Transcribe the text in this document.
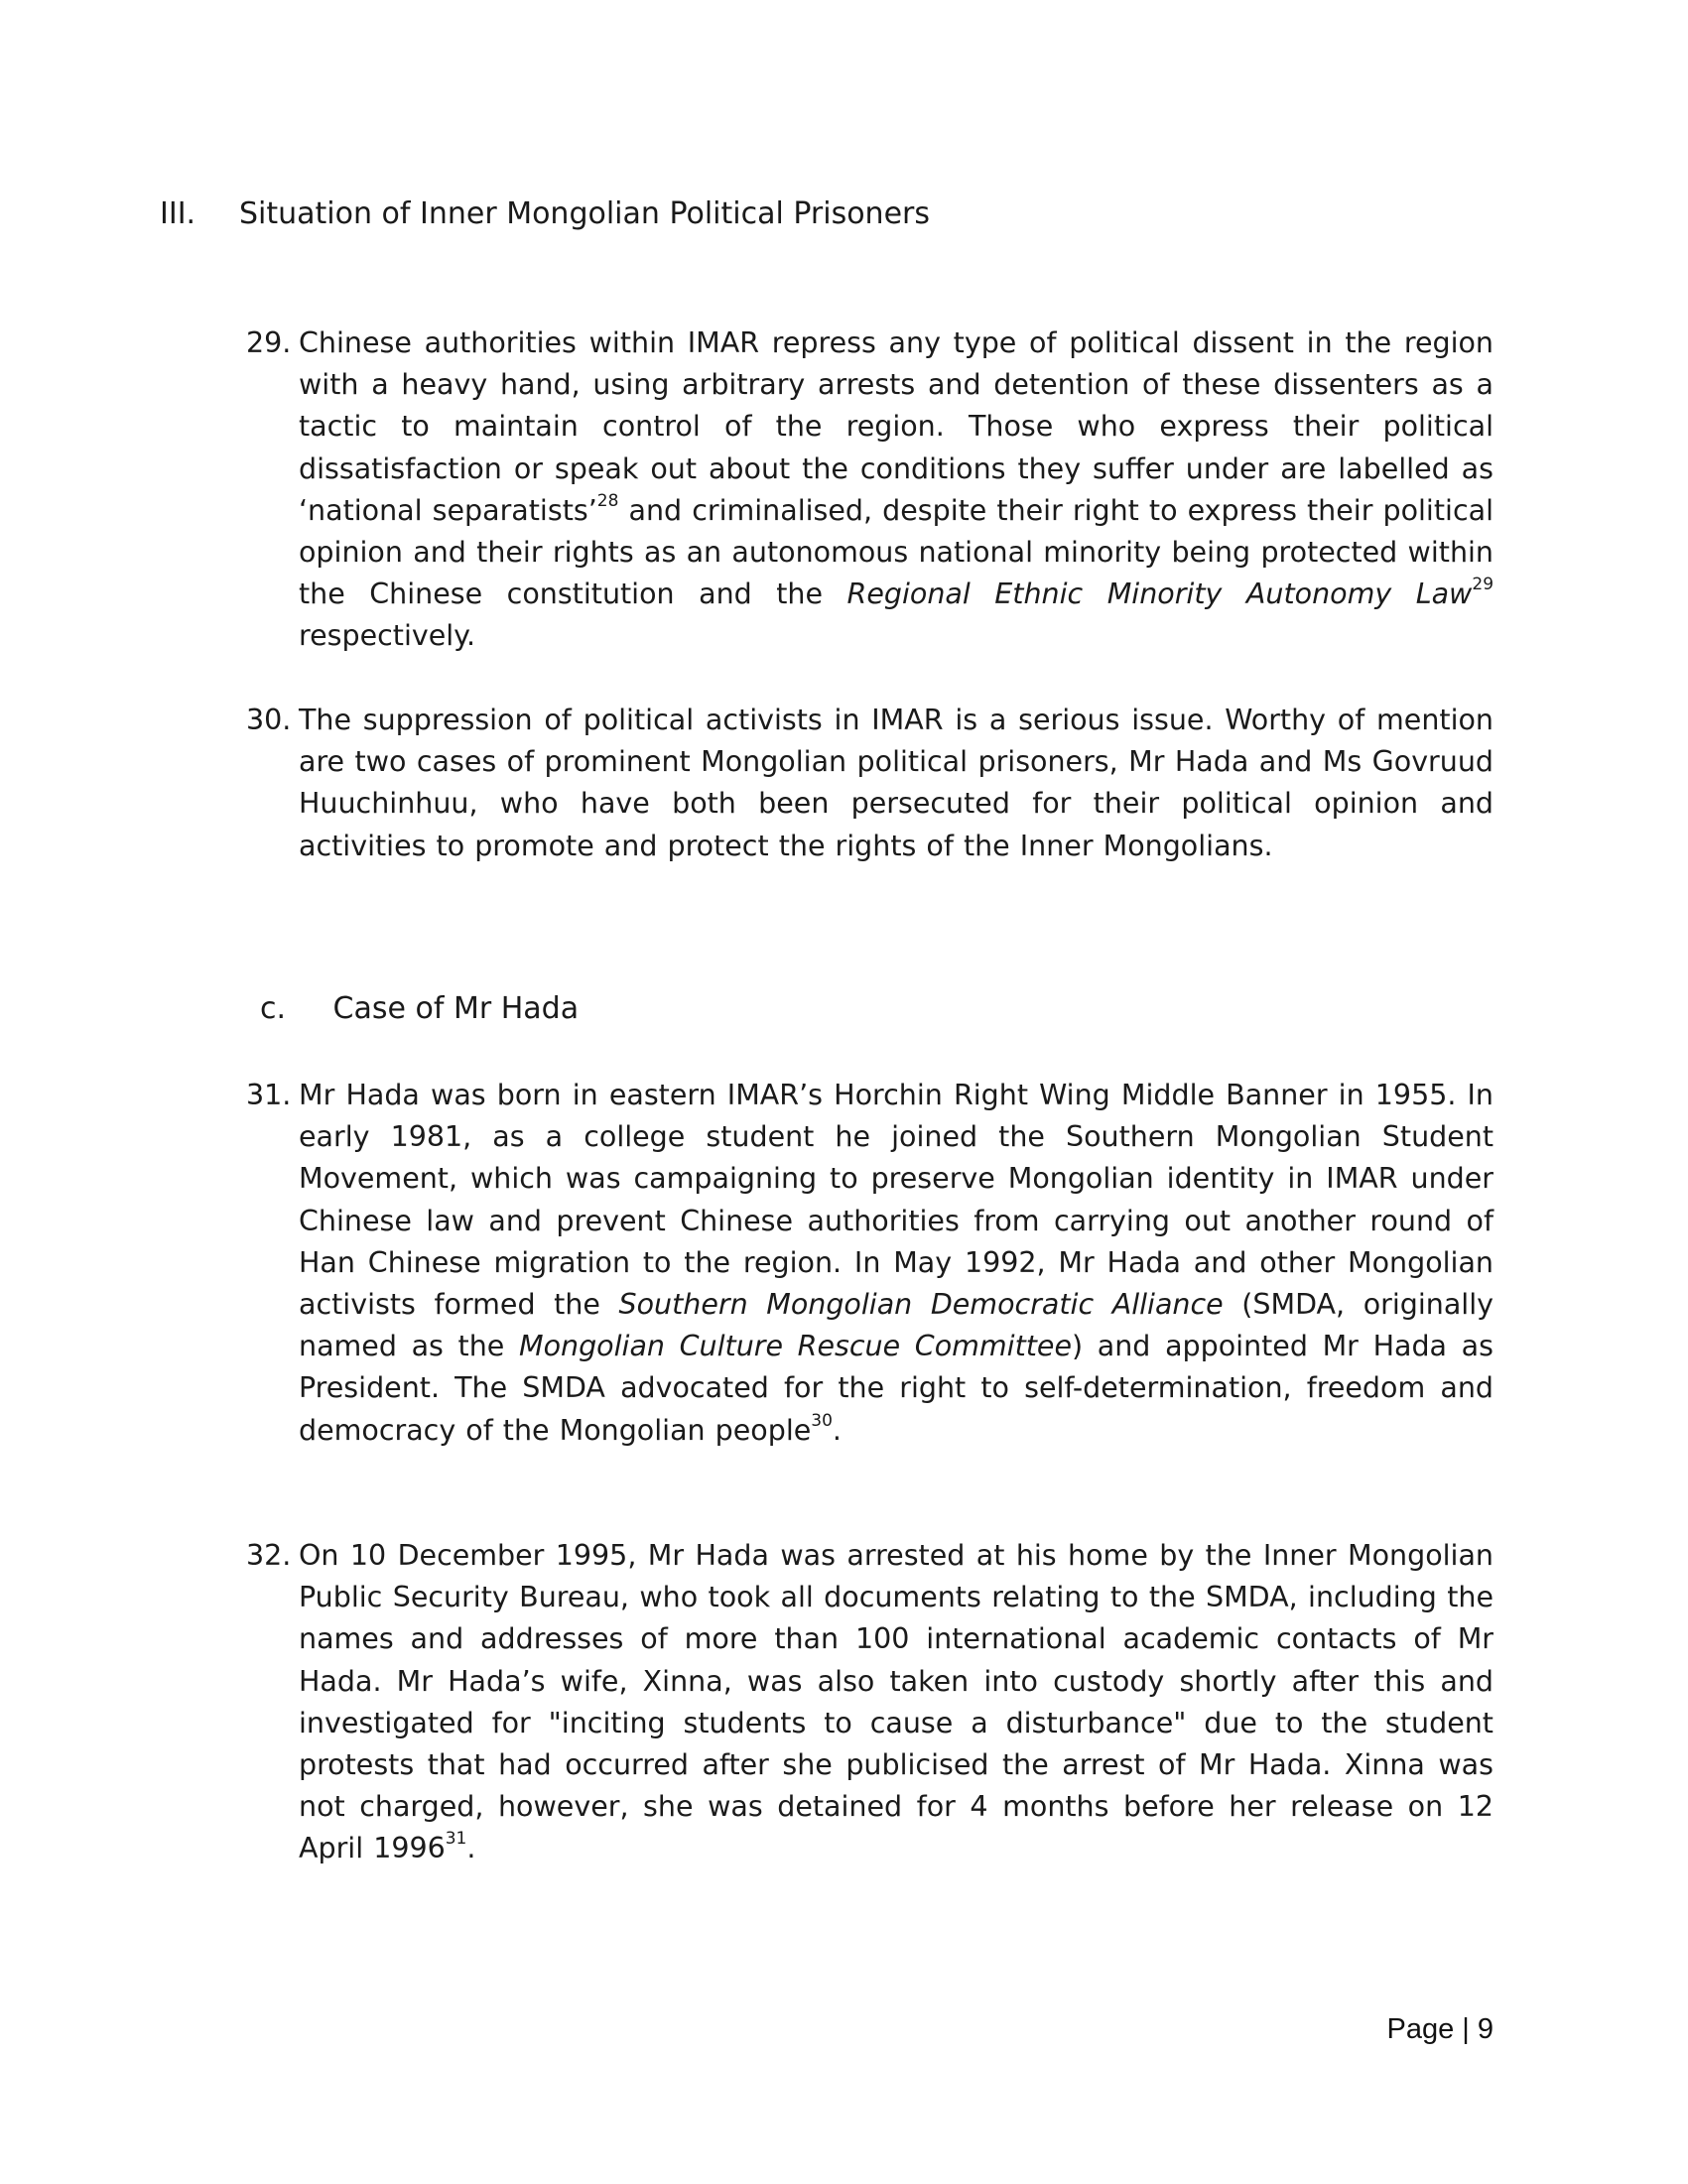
III.	Situation of Inner Mongolian Political Prisoners
29. Chinese authorities within IMAR repress any type of political dissent in the region with a heavy hand, using arbitrary arrests and detention of these dissenters as a tactic to maintain control of the region. Those who express their political dissatisfaction or speak out about the conditions they suffer under are labelled as ‘national separatists’$^{28}$ and criminalised, despite their right to express their political opinion and their rights as an autonomous national minority being protected within the Chinese constitution and the Regional Ethnic Minority Autonomy Law$^{29}$ respectively.
30. The suppression of political activists in IMAR is a serious issue. Worthy of mention are two cases of prominent Mongolian political prisoners, Mr Hada and Ms Govruud Huuchinhuu, who have both been persecuted for their political opinion and activities to promote and protect the rights of the Inner Mongolians.
c. Case of Mr Hada
31. Mr Hada was born in eastern IMAR’s Horchin Right Wing Middle Banner in 1955. In early 1981, as a college student he joined the Southern Mongolian Student Movement, which was campaigning to preserve Mongolian identity in IMAR under Chinese law and prevent Chinese authorities from carrying out another round of Han Chinese migration to the region. In May 1992, Mr Hada and other Mongolian activists formed the Southern Mongolian Democratic Alliance (SMDA, originally named as the Mongolian Culture Rescue Committee) and appointed Mr Hada as President. The SMDA advocated for the right to self-determination, freedom and democracy of the Mongolian people$^{30}$.
32. On 10 December 1995, Mr Hada was arrested at his home by the Inner Mongolian Public Security Bureau, who took all documents relating to the SMDA, including the names and addresses of more than 100 international academic contacts of Mr Hada. Mr Hada’s wife, Xinna, was also taken into custody shortly after this and investigated for "inciting students to cause a disturbance" due to the student protests that had occurred after she publicised the arrest of Mr Hada. Xinna was not charged, however, she was detained for 4 months before her release on 12 April 1996$^{31}$.
Page | 9
